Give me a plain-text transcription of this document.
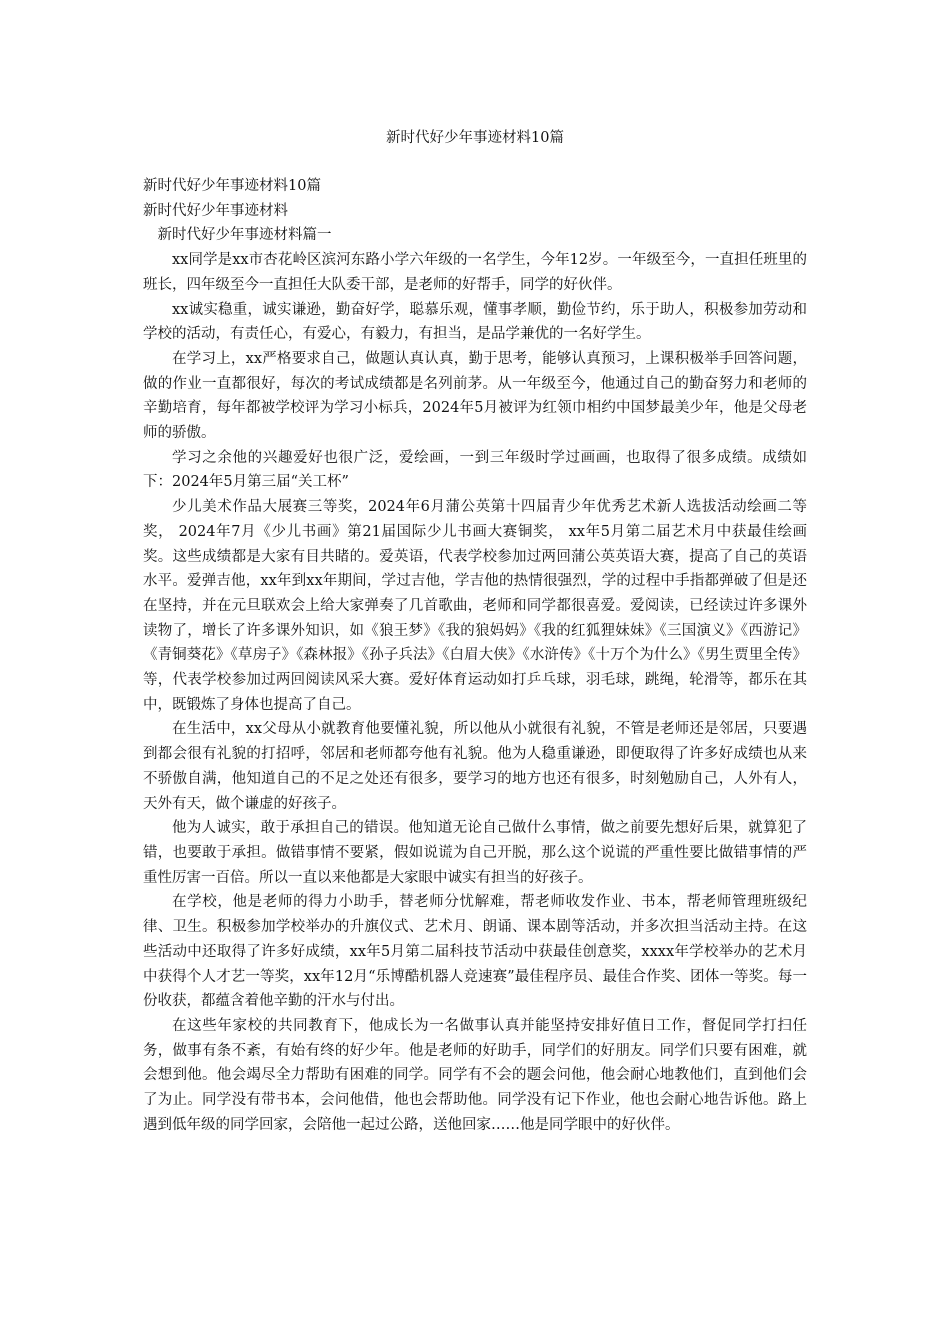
新时代好少年事迹材料10篇
新时代好少年事迹材料10篇
新时代好少年事迹材料
新时代好少年事迹材料篇一

xx同学是xx市杏花岭区滨河东路小学六年级的一名学生，今年12岁。一年级至今，一直担任班里的班长，四年级至今一直担任大队委干部，是老师的好帮手，同学的好伙伴。

xx诚实稳重，诚实谦逊，勤奋好学，聪慕乐观，懂事孝顺，勤俭节约，乐于助人，积极参加劳动和学校的活动，有责任心，有爱心，有毅力，有担当，是品学兼优的一名好学生。

在学习上，xx严格要求自己，做题认真认真，勤于思考，能够认真预习，上课积极举手回答问题，做的作业一直都很好，每次的考试成绩都是名列前茅。从一年级至今，他通过自己的勤奋努力和老师的辛勤培育，每年都被学校评为学习小标兵，2024年5月被评为红领巾相约中国梦最美少年，他是父母老师的骄傲。

学习之余他的兴趣爱好也很广泛，爱绘画，一到三年级时学过画画，也取得了很多成绩。成绩如下：2024年5月第三届“关工杯”

少儿美术作品大展赛三等奖，2024年6月蒲公英第十四届青少年优秀艺术新人选拔活动绘画二等奖， 2024年7月《少儿书画》第21届国际少儿书画大赛铜奖， xx年5月第二届艺术月中获最佳绘画奖。这些成绩都是大家有目共睹的。爱英语，代表学校参加过两回蒲公英英语大赛，提高了自己的英语水平。爱弹吉他，xx年到xx年期间，学过吉他，学吉他的热情很强烈，学的过程中手指都弹破了但是还在坚持，并在元旦联欢会上给大家弹奏了几首歌曲，老师和同学都很喜爱。爱阅读，已经读过许多课外读物了，增长了许多课外知识，如《狼王梦》《我的狼妈妈》《我的红狐狸妹妹》《三国演义》《西游记》《青铜葵花》《草房子》《森林报》《孙子兵法》《白眉大侠》《水浒传》《十万个为什么》《男生贾里全传》等，代表学校参加过两回阅读风采大赛。爱好体育运动如打乒乓球，羽毛球，跳绳，轮滑等，都乐在其中，既锻炼了身体也提高了自己。

在生活中，xx父母从小就教育他要懂礼貌，所以他从小就很有礼貌，不管是老师还是邻居，只要遇到都会很有礼貌的打招呼，邻居和老师都夸他有礼貌。他为人稳重谦逊，即便取得了许多好成绩也从来不骄傲自满，他知道自己的不足之处还有很多，要学习的地方也还有很多，时刻勉励自己，人外有人，天外有天，做个谦虚的好孩子。

他为人诚实，敢于承担自己的错误。他知道无论自己做什么事情，做之前要先想好后果，就算犯了错，也要敢于承担。做错事情不要紧，假如说谎为自己开脱，那么这个说谎的严重性要比做错事情的严重性厉害一百倍。所以一直以来他都是大家眼中诚实有担当的好孩子。

在学校，他是老师的得力小助手，替老师分忧解难，帮老师收发作业、书本，帮老师管理班级纪律、卫生。积极参加学校举办的升旗仪式、艺术月、朗诵、课本剧等活动，并多次担当活动主持。在这些活动中还取得了许多好成绩，xx年5月第二届科技节活动中获最佳创意奖，xxxx年学校举办的艺术月中获得个人才艺一等奖，xx年12月“乐博酷机器人竞速赛”最佳程序员、最佳合作奖、团体一等奖。每一份收获，都蕴含着他辛勤的汗水与付出。

在这些年家校的共同教育下，他成长为一名做事认真并能坚持安排好值日工作，督促同学打扫任务，做事有条不紊，有始有终的好少年。他是老师的好助手，同学们的好朋友。同学们只要有困难，就会想到他。他会竭尽全力帮助有困难的同学。同学有不会的题会问他，他会耐心地教他们，直到他们会了为止。同学没有带书本，会问他借，他也会帮助他。同学没有记下作业，他也会耐心地告诉他。路上遇到低年级的同学回家，会陪他一起过公路，送他回家……他是同学眼中的好伙伴。
